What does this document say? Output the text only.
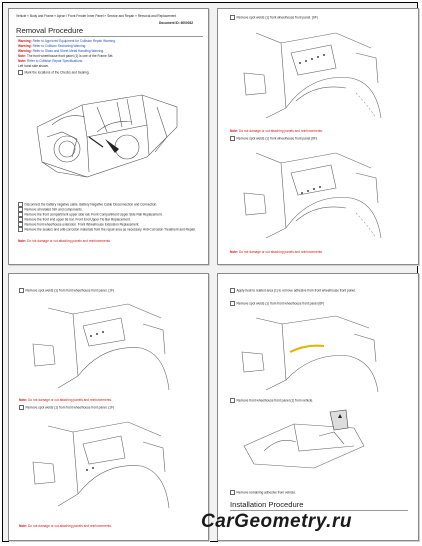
Vehicle » Body and Frame » Apron / Front Fender Inner Panel » Service and Repair » Removal and Replacement
Document ID: 6000032
Removal Procedure
Warning: Refer to Approved Equipment for Collision Repair Warning.
Warning: Refer to Collision Sectioning Warning.
Warning: Refer to Glass and Sheet Metal Handling Warning.
Note: The front wheelhouse front panel (1) is one of the Frame Set.
Note: Refer to Collision Repair Specifications.
Left hand side shown.
Mark the locations of the Checks and Sealing.
Disconnect the battery negative cable. Battery Negative Cable Disconnection and Connection.
Remove all related trim and components.
Remove the front compartment upper side rail. Front Compartment Upper Side Rail Replacement.
Remove the front end upper tie bar. Front End Upper Tie Bar Replacement.
Remove front wheelhouse extension. Front Wheelhouse Extension Replacement.
Remove the sealers and anti-corrosion materials from the repair area as necessary. Anti-Corrosion Treatment and Repair.
Note: Do not damage or cut attaching panels and reinforcements.
Remove spot welds (1) front wheelhouse front panel. (6F)
Note: Do not damage or cut attaching panels and reinforcements.
Remove spot welds (1) front wheelhouse front panel (6F)
Note: Do not damage or cut attaching panels and reinforcements.
Remove spot welds (1) from front wheelhouse front panel. (1F)
Note: Do not damage or cut attaching panels and reinforcements.
Remove spot welds (1) from front wheelhouse front panel. (1F)
Note: Do not damage or cut attaching panels and reinforcements.
Apply heat to related area (1) to remove adhesive from front wheelhouse front panel.
Remove spot welds (1) from front wheelhouse front panel (6F)
Remove front wheelhouse front panel (1) from vehicle.
Remove remaining adhesive from vehicle.
Installation Procedure
CarGeometry.ru
